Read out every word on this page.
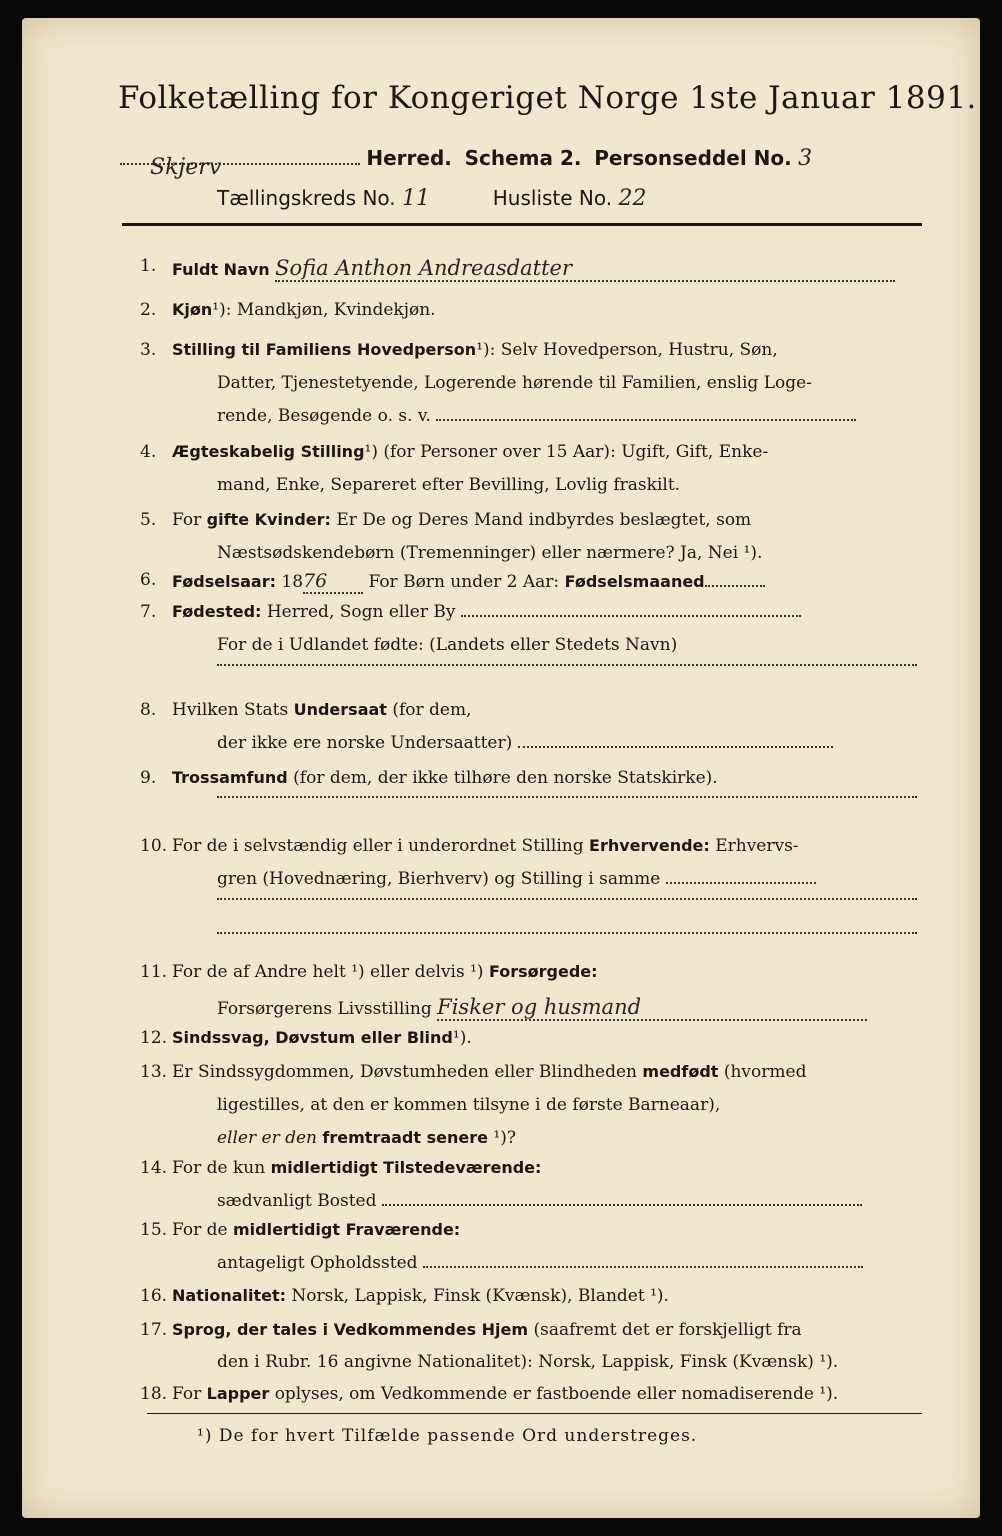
Folketælling for Kongeriget Norge 1ste Januar 1891.
Skjerv	Herred. Schema 2. Personseddel No. 3
Tællingskreds No. 11	Husliste No. 22
1. Fuldt Navn Sofia Anthon Andreasdatter
2. Kjøn¹): Mandkjøn, Kvindekjøn.
3. Stilling til Familiens Hovedperson¹): Selv Hovedperson, Hustru, Søn,
Datter, Tjenestetyende, Logerende hørende til Familien, enslig Loge-
rende, Besøgende o. s. v.
4. Ægteskabelig Stilling¹) (for Personer over 15 Aar): Ugift, Gift, Enke-
mand, Enke, Separeret efter Bevilling, Lovlig fraskilt.
5. For gifte Kvinder: Er De og Deres Mand indbyrdes beslægtet, som
Næstsødskendebørn (Tremenninger) eller nærmere? Ja, Nei ¹).
6. Fødselsaar: 1876 For Børn under 2 Aar: Fødselsmaaned
7. Fødested: Herred, Sogn eller By
For de i Udlandet fødte: (Landets eller Stedets Navn)
8. Hvilken Stats Undersaat (for dem,
der ikke ere norske Undersaatter)
9. Trossamfund (for dem, der ikke tilhøre den norske Statskirke).
10. For de i selvstændig eller i underordnet Stilling Erhvervende: Erhvervs-
gren (Hovednæring, Bierhverv) og Stilling i samme
11. For de af Andre helt ¹) eller delvis ¹) Forsørgede:
Forsørgerens Livsstilling Fisker og husmand
12. Sindssvag, Døvstum eller Blind¹).
13. Er Sindssygdommen, Døvstumheden eller Blindheden medfødt (hvormed
ligestilles, at den er kommen tilsyne i de første Barneaar),
eller er den fremtraadt senere ¹)?
14. For de kun midlertidigt Tilstedeværende:
sædvanligt Bosted
15. For de midlertidigt Fraværende:
antageligt Opholdssted
16. Nationalitet: Norsk, Lappisk, Finsk (Kvænsk), Blandet ¹).
17. Sprog, der tales i Vedkommendes Hjem (saafremt det er forskjelligt fra
den i Rubr. 16 angivne Nationalitet): Norsk, Lappisk, Finsk (Kvænsk) ¹).
18. For Lapper oplyses, om Vedkommende er fastboende eller nomadiserende ¹).
¹) De for hvert Tilfælde passende Ord understreges.
